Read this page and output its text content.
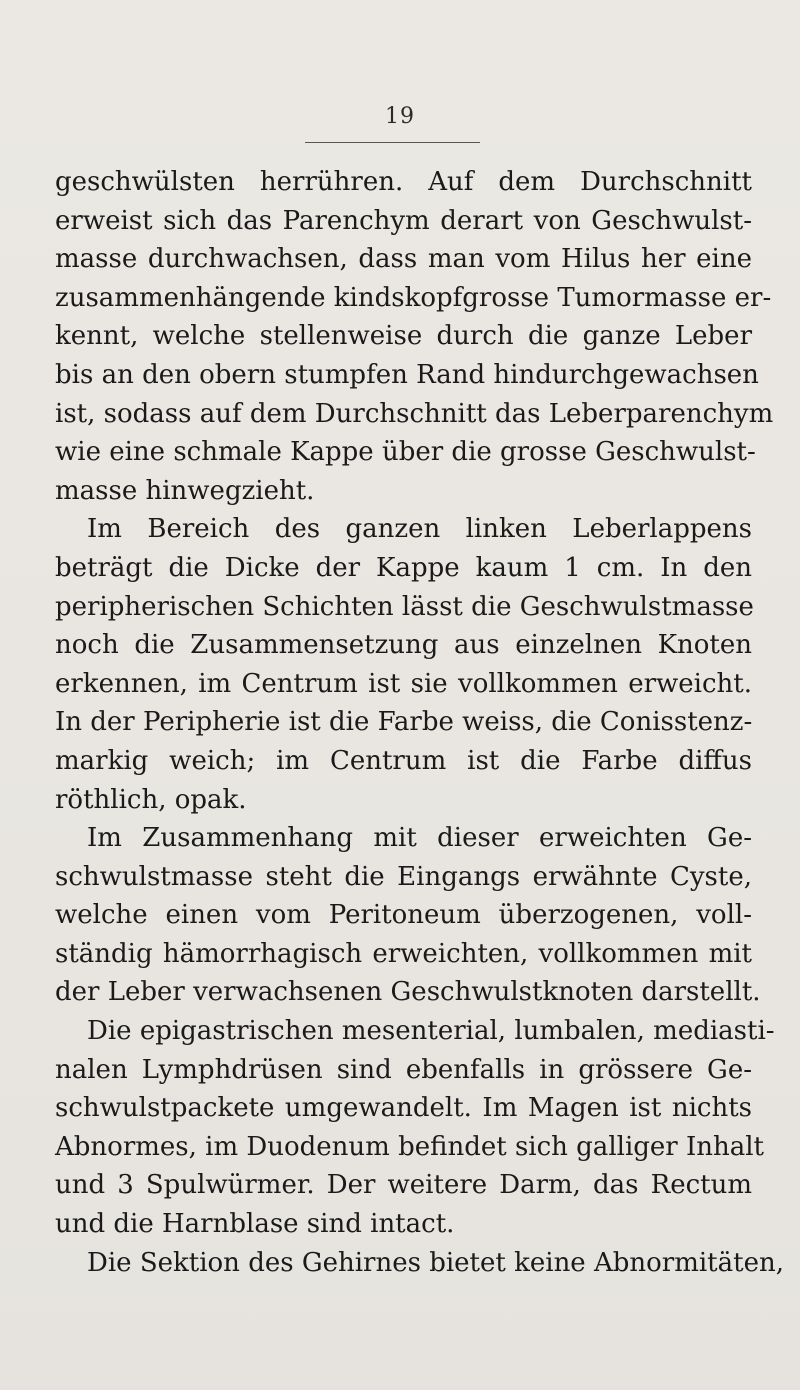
19
geschwülsten herrühren. Auf dem Durchschnitt
erweist sich das Parenchym derart von Geschwulst-
masse durchwachsen, dass man vom Hilus her eine
zusammenhängende kindskopfgrosse Tumormasse er-
kennt, welche stellenweise durch die ganze Leber
bis an den obern stumpfen Rand hindurchgewachsen
ist, sodass auf dem Durchschnitt das Leberparenchym
wie eine schmale Kappe über die grosse Geschwulst-
masse hinwegzieht.
Im Bereich des ganzen linken Leberlappens
beträgt die Dicke der Kappe kaum 1 cm. In den
peripherischen Schichten lässt die Geschwulstmasse
noch die Zusammensetzung aus einzelnen Knoten
erkennen, im Centrum ist sie vollkommen erweicht.
In der Peripherie ist die Farbe weiss, die Conisstenz-
markig weich; im Centrum ist die Farbe diffus
röthlich, opak.
Im Zusammenhang mit dieser erweichten Ge-
schwulstmasse steht die Eingangs erwähnte Cyste,
welche einen vom Peritoneum überzogenen, voll-
ständig hämorrhagisch erweichten, vollkommen mit
der Leber verwachsenen Geschwulstknoten darstellt.
Die epigastrischen mesenterial, lumbalen, mediasti-
nalen Lymphdrüsen sind ebenfalls in grössere Ge-
schwulstpackete umgewandelt. Im Magen ist nichts
Abnormes, im Duodenum befindet sich galliger Inhalt
und 3 Spulwürmer. Der weitere Darm, das Rectum
und die Harnblase sind intact.
Die Sektion des Gehirnes bietet keine Abnormitäten,
